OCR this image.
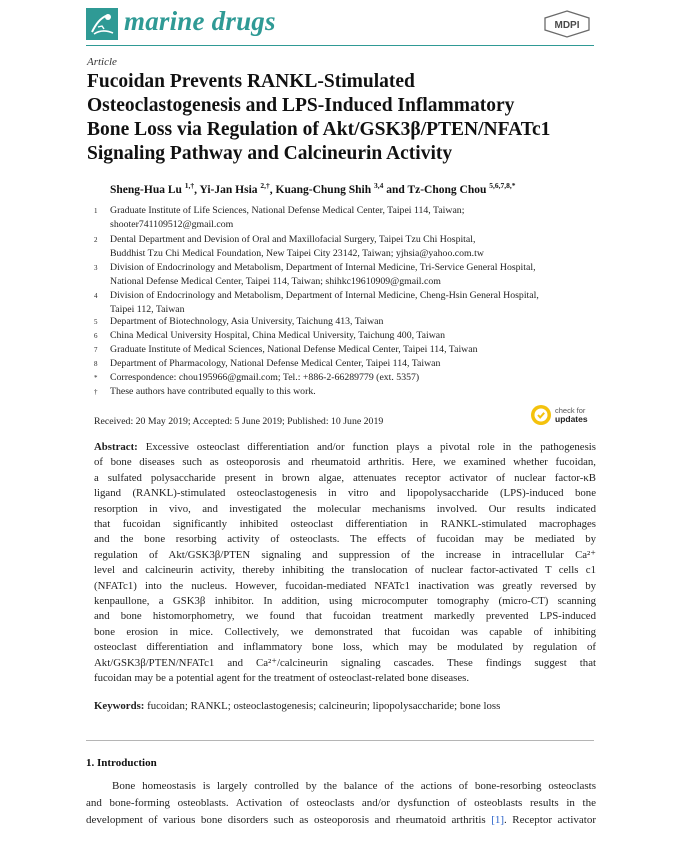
marine drugs	MDPI
Article
Fucoidan Prevents RANKL-Stimulated
Osteoclastogenesis and LPS-Induced Inflammatory
Bone Loss via Regulation of Akt/GSK3β/PTEN/NFATc1
Signaling Pathway and Calcineurin Activity
Sheng-Hua Lu $^{1,\dagger}$, Yi-Jan Hsia $^{2,\dagger}$, Kuang-Chung Shih $^{3,4}$ and Tz-Chong Chou $^{5,6,7,8,*}$
1 Graduate Institute of Life Sciences, National Defense Medical Center, Taipei 114, Taiwan;
shooter741109512@gmail.com
2 Dental Department and Devision of Oral and Maxillofacial Surgery, Taipei Tzu Chi Hospital,
Buddhist Tzu Chi Medical Foundation, New Taipei City 23142, Taiwan; yjhsia@yahoo.com.tw
3 Division of Endocrinology and Metabolism, Department of Internal Medicine, Tri-Service General Hospital,
National Defense Medical Center, Taipei 114, Taiwan; shihkc19610909@gmail.com
4 Division of Endocrinology and Metabolism, Department of Internal Medicine, Cheng-Hsin General Hospital,
Taipei 112, Taiwan
5 Department of Biotechnology, Asia University, Taichung 413, Taiwan
6 China Medical University Hospital, China Medical University, Taichung 400, Taiwan
7 Graduate Institute of Medical Sciences, National Defense Medical Center, Taipei 114, Taiwan
8 Department of Pharmacology, National Defense Medical Center, Taipei 114, Taiwan
* Correspondence: chou195966@gmail.com; Tel.: +886-2-66289779 (ext. 5357)
† These authors have contributed equally to this work.
Received: 20 May 2019; Accepted: 5 June 2019; Published: 10 June 2019
check for
updates
Abstract: Excessive osteoclast differentiation and/or function plays a pivotal role in the pathogenesis
of bone diseases such as osteoporosis and rheumatoid arthritis. Here, we examined whether fucoidan,
a sulfated polysaccharide present in brown algae, attenuates receptor activator of nuclear factor-κB
ligand (RANKL)-stimulated osteoclastogenesis in vitro and lipopolysaccharide (LPS)-induced bone
resorption in vivo, and investigated the molecular mechanisms involved. Our results indicated
that fucoidan significantly inhibited osteoclast differentiation in RANKL-stimulated macrophages
and the bone resorbing activity of osteoclasts. The effects of fucoidan may be mediated by
regulation of Akt/GSK3β/PTEN signaling and suppression of the increase in intracellular Ca²⁺
level and calcineurin activity, thereby inhibiting the translocation of nuclear factor-activated T cells c1
(NFATc1) into the nucleus. However, fucoidan-mediated NFATc1 inactivation was greatly reversed by
kenpaullone, a GSK3β inhibitor. In addition, using microcomputer tomography (micro-CT) scanning
and bone histomorphometry, we found that fucoidan treatment markedly prevented LPS-induced
bone erosion in mice. Collectively, we demonstrated that fucoidan was capable of inhibiting
osteoclast differentiation and inflammatory bone loss, which may be modulated by regulation of
Akt/GSK3β/PTEN/NFATc1 and Ca²⁺/calcineurin signaling cascades. These findings suggest that
fucoidan may be a potential agent for the treatment of osteoclast-related bone diseases.
Keywords: fucoidan; RANKL; osteoclastogenesis; calcineurin; lipopolysaccharide; bone loss
1. Introduction
Bone homeostasis is largely controlled by the balance of the actions of bone-resorbing osteoclasts
and bone-forming osteoblasts. Activation of osteoclasts and/or dysfunction of osteoblasts results in the
development of various bone disorders such as osteoporosis and rheumatoid arthritis [1]. Receptor activator
